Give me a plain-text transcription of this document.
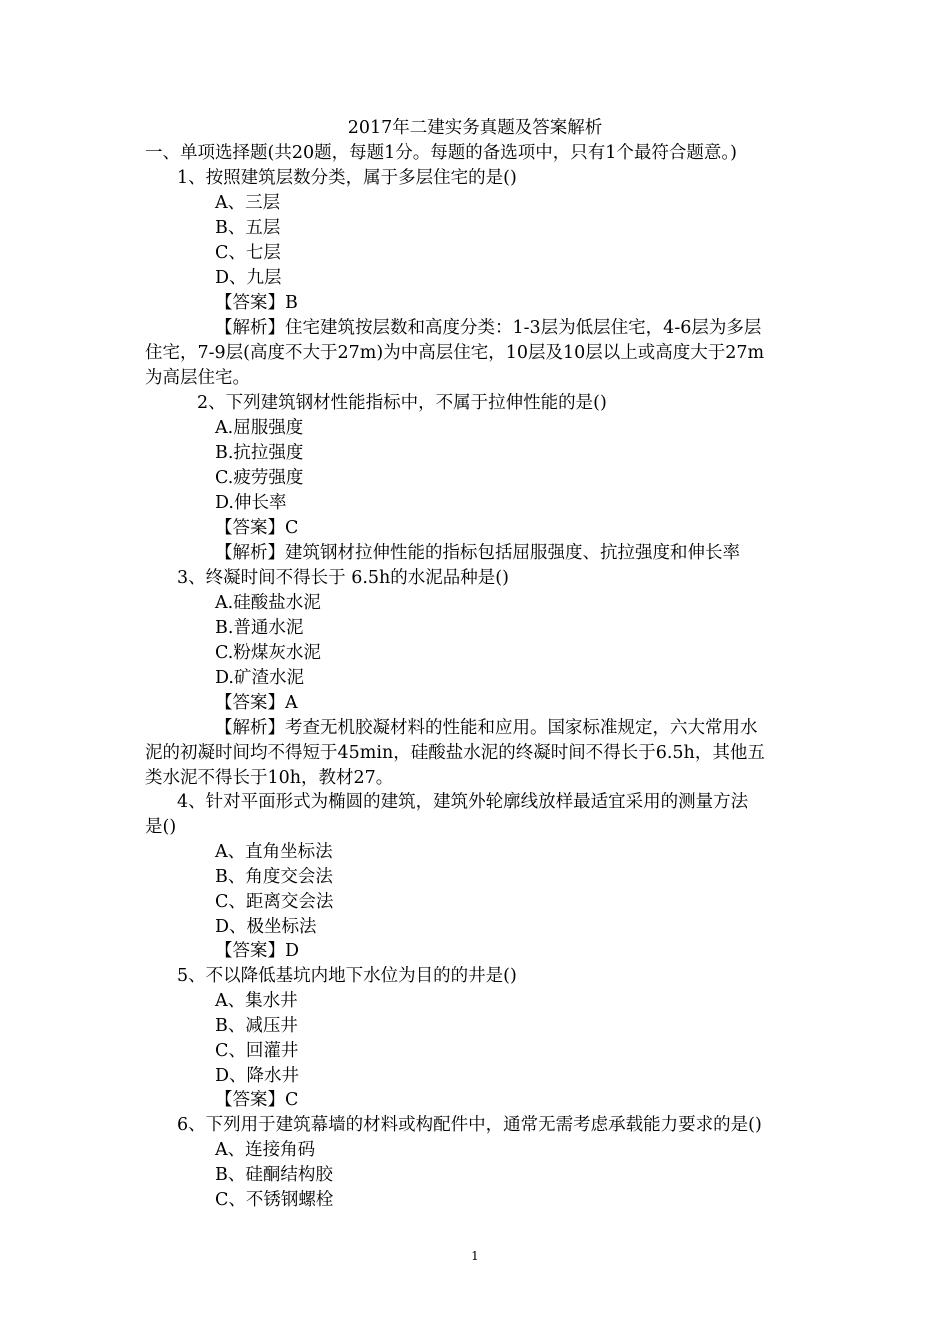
2017年二建实务真题及答案解析
一、单项选择题(共20题，每题1分。每题的备选项中，只有1个最符合题意。)
1、按照建筑层数分类，属于多层住宅的是()
A、三层
B、五层
C、七层
D、九层
【答案】B
【解析】住宅建筑按层数和高度分类：1-3层为低层住宅，4-6层为多层
住宅，7-9层(高度不大于27m)为中高层住宅，10层及10层以上或高度大于27m
为高层住宅。
2、下列建筑钢材性能指标中，不属于拉伸性能的是()
A.屈服强度
B.抗拉强度
C.疲劳强度
D.伸长率
【答案】C
【解析】建筑钢材拉伸性能的指标包括屈服强度、抗拉强度和伸长率
3、终凝时间不得长于 6.5h的水泥品种是()
A.硅酸盐水泥
B.普通水泥
C.粉煤灰水泥
D.矿渣水泥
【答案】A
【解析】考查无机胶凝材料的性能和应用。国家标准规定，六大常用水
泥的初凝时间均不得短于45min，硅酸盐水泥的终凝时间不得长于6.5h，其他五
类水泥不得长于10h，教材27。
4、针对平面形式为椭圆的建筑，建筑外轮廓线放样最适宜采用的测量方法
是()
A、直角坐标法
B、角度交会法
C、距离交会法
D、极坐标法
【答案】D
5、不以降低基坑内地下水位为目的的井是()
A、集水井
B、减压井
C、回灌井
D、降水井
【答案】C
6、下列用于建筑幕墙的材料或构配件中，通常无需考虑承载能力要求的是()
A、连接角码
B、硅酮结构胶
C、不锈钢螺栓
1
